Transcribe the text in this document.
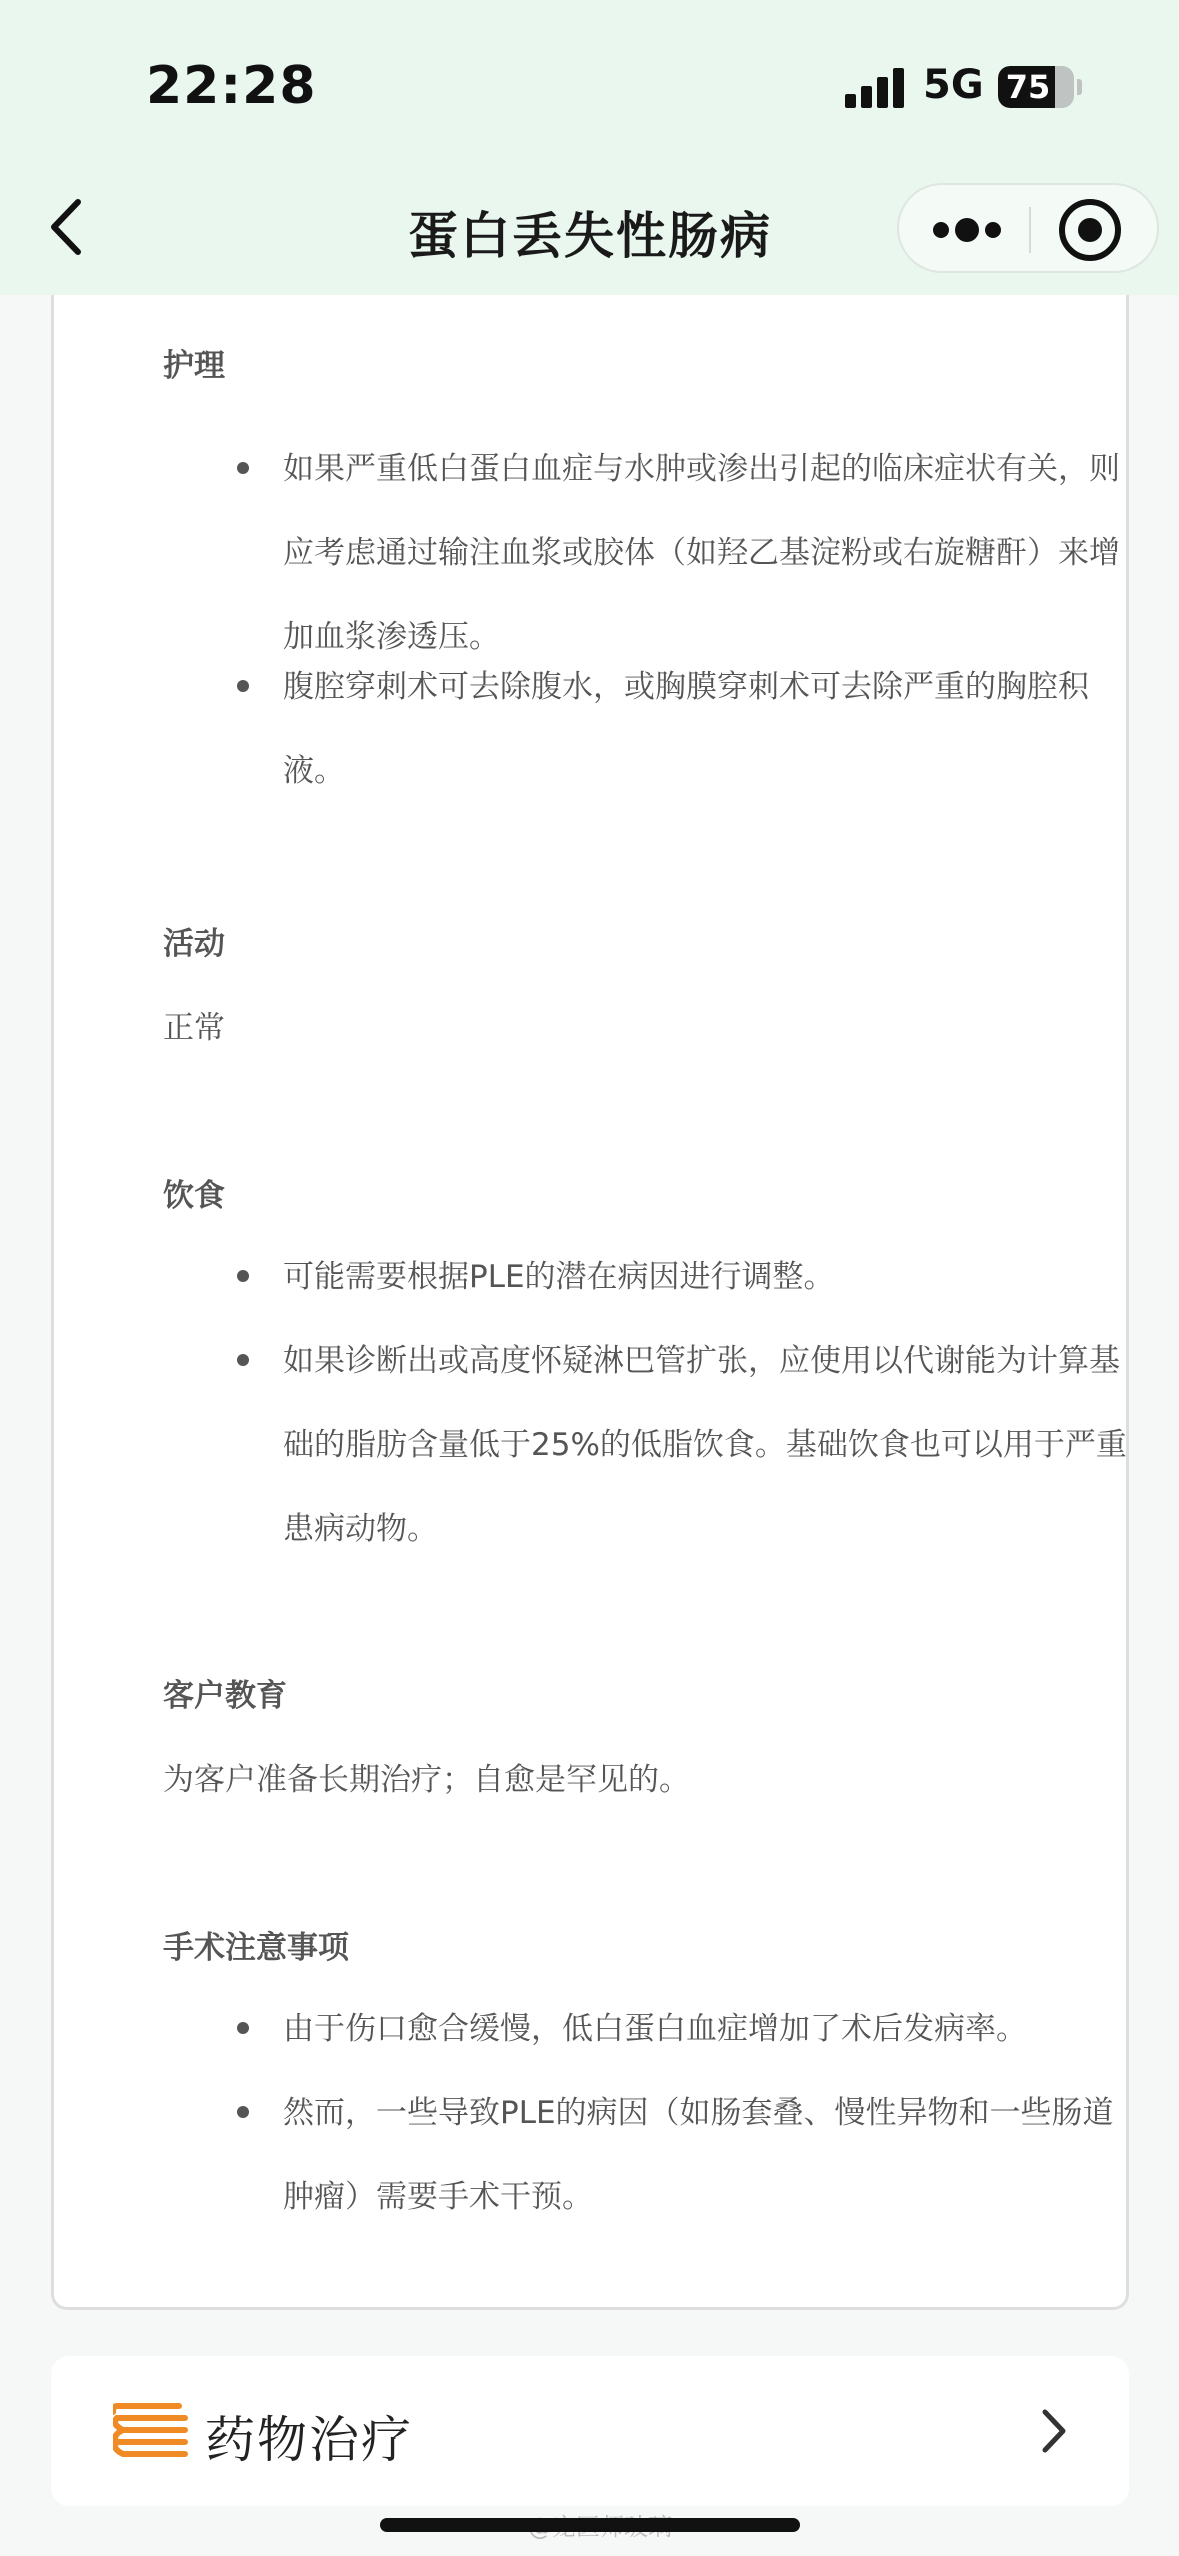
护理
如果严重低白蛋白血症与水肿或渗出引起的临床症状有关，则应考虑通过输注血浆或胶体（如羟乙基淀粉或右旋糖酐）来增加血浆渗透压。
腹腔穿刺术可去除腹水，或胸膜穿刺术可去除严重的胸腔积液。
活动
正常
饮食
可能需要根据PLE的潜在病因进行调整。
如果诊断出或高度怀疑淋巴管扩张，应使用以代谢能为计算基础的脂肪含量低于25%的低脂饮食。基础饮食也可以用于严重患病动物。
客户教育
为客户准备长期治疗；自愈是罕见的。
手术注意事项
由于伤口愈合缓慢，低白蛋白血症增加了术后发病率。
然而，一些导致PLE的病因（如肠套叠、慢性异物和一些肠道肿瘤）需要手术干预。
22:28	5G 75
蛋白丢失性肠病
药物治疗
